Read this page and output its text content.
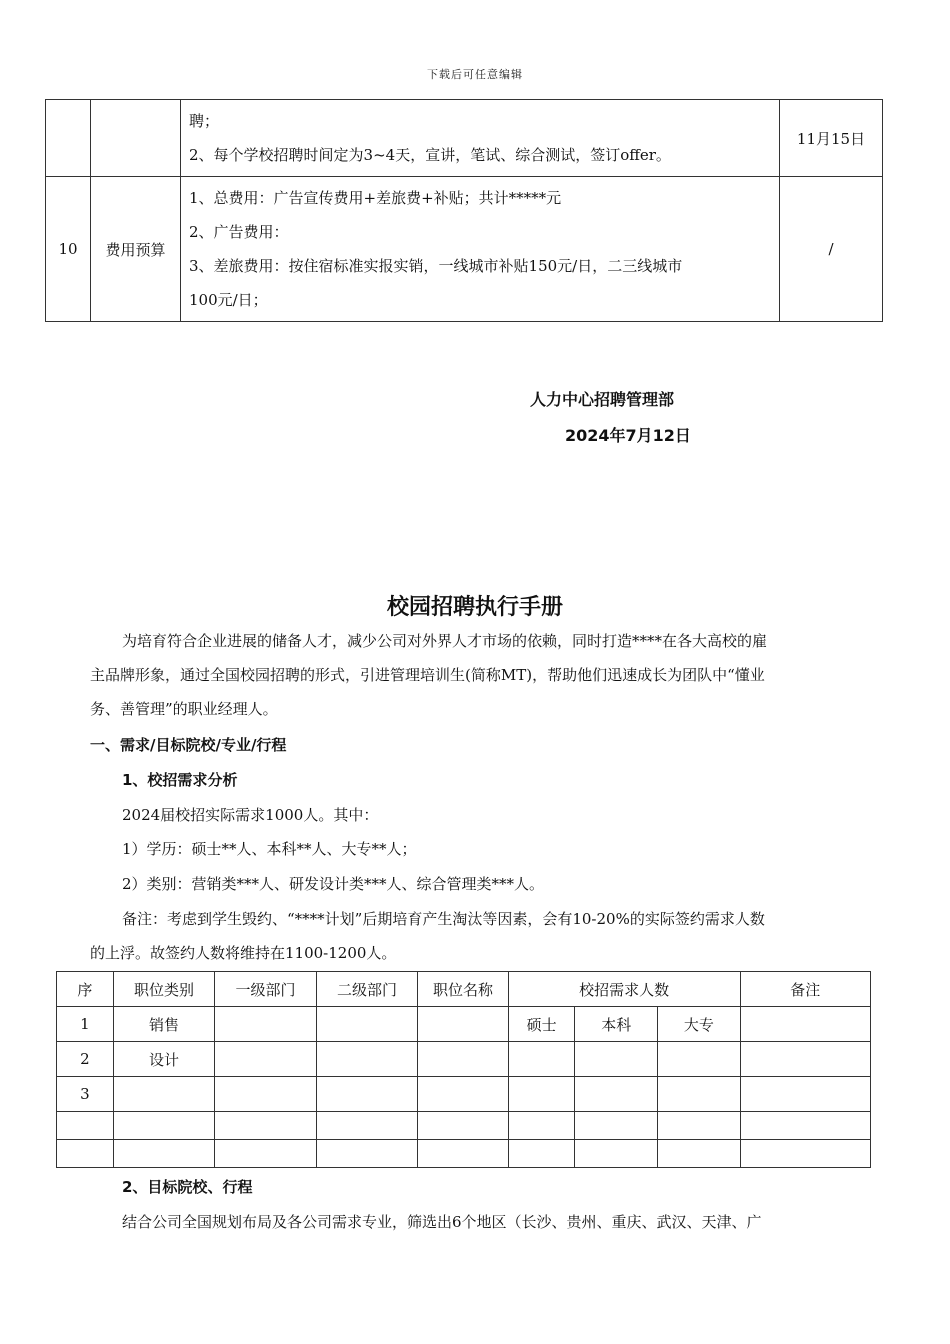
下载后可任意编辑

		聘；
2、每个学校招聘时间定为3~4天，宣讲，笔试、综合测试，签订offer。	11月15日
10	费用预算	1、总费用：广告宣传费用+差旅费+补贴；共计*****元
2、广告费用：
3、差旅费用：按住宿标准实报实销，一线城市补贴150元/日，二三线城市
100元/日；	/
人力中心招聘管理部
2024年7月12日
校园招聘执行手册
为培育符合企业进展的储备人才，减少公司对外界人才市场的依赖，同时打造****在各大高校的雇
主品牌形象，通过全国校园招聘的形式，引进管理培训生(简称MT)，帮助他们迅速成长为团队中“懂业
务、善管理”的职业经理人。
一、需求/目标院校/专业/行程
1、校招需求分析
2024届校招实际需求1000人。其中：
1）学历：硕士**人、本科**人、大专**人；
2）类别：营销类***人、研发设计类***人、综合管理类***人。
备注：考虑到学生毁约、“****计划”后期培育产生淘汰等因素，会有10-20%的实际签约需求人数
的上浮。故签约人数将维持在1100-1200人。
序	职位类别	一级部门	二级部门	职位名称	校招需求人数			备注
1	销售				硕士	本科	大专	
2	设计							
3								

2、目标院校、行程
结合公司全国规划布局及各公司需求专业，筛选出6个地区（长沙、贵州、重庆、武汉、天津、广
